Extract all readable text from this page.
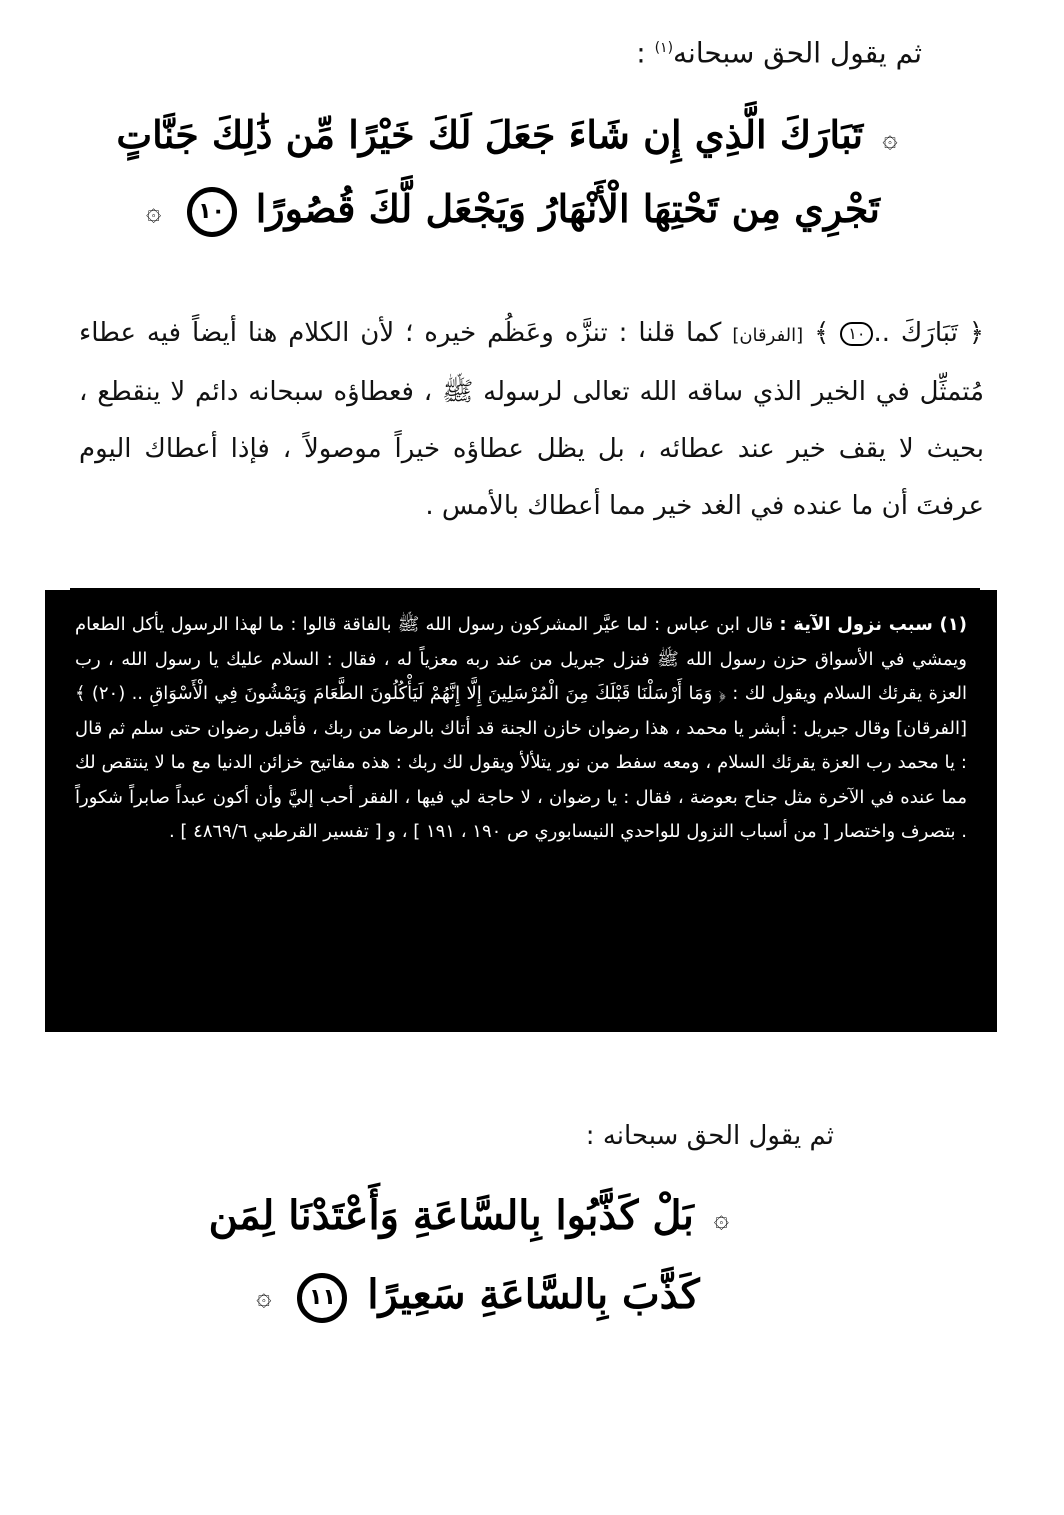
ثم يقول الحق سبحانه$^{(١)}$ :
۞ تَبَارَكَ الَّذِي إِن شَاءَ جَعَلَ لَكَ خَيْرًا مِّن ذَٰلِكَ جَنَّاتٍ
تَجْرِي مِن تَحْتِهَا الْأَنْهَارُ وَيَجْعَل لَّكَ قُصُورًا ١٠ ۞
﴿ تَبَارَكَ ..١٠ ﴾ [الفرقان] كما قلنا : تنزَّه وعَظُم خيره ؛ لأن الكلام هنا أيضاً فيه عطاء مُتمثِّل في الخير الذي ساقه الله تعالى لرسوله ﷺ ، فعطاؤه سبحانه دائم لا ينقطع ، بحيث لا يقف خير عند عطائه ، بل يظل عطاؤه خيراً موصولاً ، فإذا أعطاك اليوم عرفتَ أن ما عنده في الغد خير مما أعطاك بالأمس .
(١) سبب نزول الآية : قال ابن عباس : لما عيَّر المشركون رسول الله ﷺ بالفاقة قالوا : ما لهذا الرسول يأكل الطعام ويمشي في الأسواق حزن رسول الله ﷺ فنزل جبريل من عند ربه معزياً له ، فقال : السلام عليك يا رسول الله ، رب العزة يقرئك السلام ويقول لك : ﴿ وَمَا أَرْسَلْنَا قَبْلَكَ مِنَ الْمُرْسَلِينَ إِلَّا إِنَّهُمْ لَيَأْكُلُونَ الطَّعَامَ وَيَمْشُونَ فِي الْأَسْوَاقِ .. (٢٠) ﴾ [الفرقان] وقال جبريل : أبشر يا محمد ، هذا رضوان خازن الجنة قد أتاك بالرضا من ربك ، فأقبل رضوان حتى سلم ثم قال : يا محمد رب العزة يقرئك السلام ، ومعه سفط من نور يتلألأ ويقول لك ربك : هذه مفاتيح خزائن الدنيا مع ما لا ينتقص لك مما عنده في الآخرة مثل جناح بعوضة ، فقال : يا رضوان ، لا حاجة لي فيها ، الفقر أحب إليَّ وأن أكون عبداً صابراً شكوراً . بتصرف واختصار [ من أسباب النزول للواحدي النيسابوري ص ١٩٠ ، ١٩١ ] ، و [ تفسير القرطبي ٤٨٦٩/٦ ] .
ثم يقول الحق سبحانه :
۞ بَلْ كَذَّبُوا بِالسَّاعَةِ وَأَعْتَدْنَا لِمَن
كَذَّبَ بِالسَّاعَةِ سَعِيرًا ١١ ۞
